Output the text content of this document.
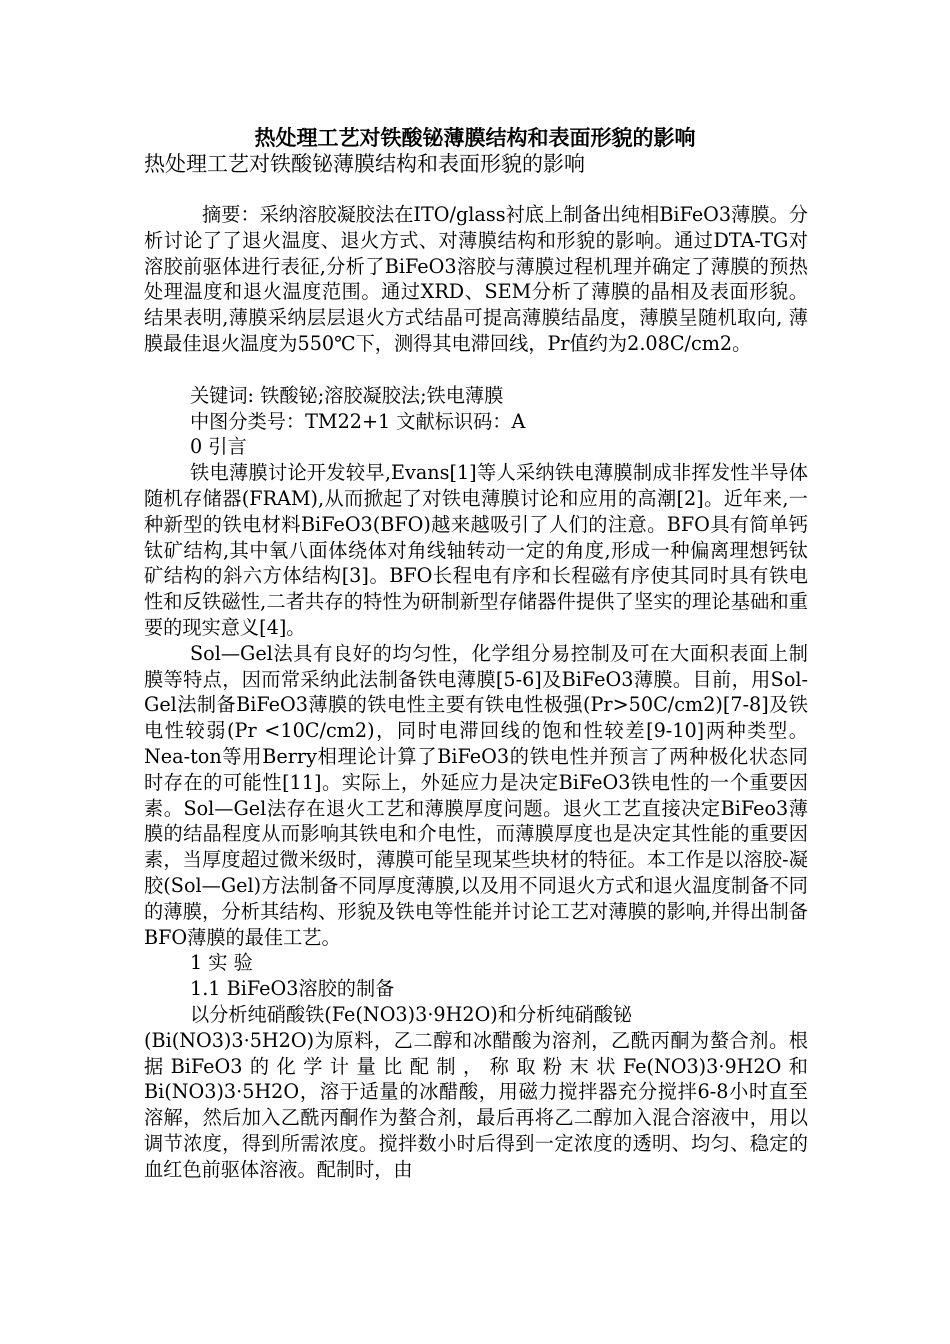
热处理工艺对铁酸铋薄膜结构和表面形貌的影响
热处理工艺对铁酸铋薄膜结构和表面形貌的影响

摘要：采纳溶胶凝胶法在ITO/glass衬底上制备出纯相BiFeO3薄膜。分析讨论了了退火温度、退火方式、对薄膜结构和形貌的影响。通过DTA-TG对溶胶前驱体进行表征,分析了BiFeO3溶胶与薄膜过程机理并确定了薄膜的预热处理温度和退火温度范围。通过XRD、SEM分析了薄膜的晶相及表面形貌。结果表明,薄膜采纳层层退火方式结晶可提高薄膜结晶度，薄膜呈随机取向, 薄膜最佳退火温度为550℃下，测得其电滞回线，Pr值约为2.08C/cm2。

关键词: 铁酸铋;溶胶凝胶法;铁电薄膜

中图分类号：TM22+1 文献标识码：A

0 引言

铁电薄膜讨论开发较早,Evans[1]等人采纳铁电薄膜制成非挥发性半导体随机存储器(FRAM),从而掀起了对铁电薄膜讨论和应用的高潮[2]。近年来,一种新型的铁电材料BiFeO3(BFO)越来越吸引了人们的注意。BFO具有简单钙钛矿结构,其中氧八面体绕体对角线轴转动一定的角度,形成一种偏离理想钙钛矿结构的斜六方体结构[3]。BFO长程电有序和长程磁有序使其同时具有铁电性和反铁磁性,二者共存的特性为研制新型存储器件提供了坚实的理论基础和重要的现实意义[4]。

Sol—Gel法具有良好的均匀性，化学组分易控制及可在大面积表面上制膜等特点，因而常采纳此法制备铁电薄膜[5-6]及BiFeO3薄膜。目前，用Sol-Gel法制备BiFeO3薄膜的铁电性主要有铁电性极强(Pr>50C/cm2)[7-8]及铁电性较弱(Pr <10C/cm2)，同时电滞回线的饱和性较差[9-10]两种类型。Nea-ton等用Berry相理论计算了BiFeO3的铁电性并预言了两种极化状态同时存在的可能性[11]。实际上，外延应力是决定BiFeO3铁电性的一个重要因素。Sol—Gel法存在退火工艺和薄膜厚度问题。退火工艺直接决定BiFeo3薄膜的结晶程度从而影响其铁电和介电性，而薄膜厚度也是决定其性能的重要因素，当厚度超过微米级时，薄膜可能呈现某些块材的特征。本工作是以溶胶-凝胶(Sol—Gel)方法制备不同厚度薄膜,以及用不同退火方式和退火温度制备不同的薄膜，分析其结构、形貌及铁电等性能并讨论工艺对薄膜的影响,并得出制备BFO薄膜的最佳工艺。

1 实 验

1.1 BiFeO3溶胶的制备

以分析纯硝酸铁(Fe(NO3)3·9H2O)和分析纯硝酸铋

(Bi(NO3)3·5H2O)为原料，乙二醇和冰醋酸为溶剂，乙酰丙酮为螯合剂。根据BiFeO3的化学计量比配制，称取粉末状Fe(NO3)3·9H2O和Bi(NO3)3·5H2O，溶于适量的冰醋酸，用磁力搅拌器充分搅拌6-8小时直至溶解，然后加入乙酰丙酮作为螯合剂，最后再将乙二醇加入混合溶液中，用以调节浓度，得到所需浓度。搅拌数小时后得到一定浓度的透明、均匀、稳定的血红色前驱体溶液。配制时，由
